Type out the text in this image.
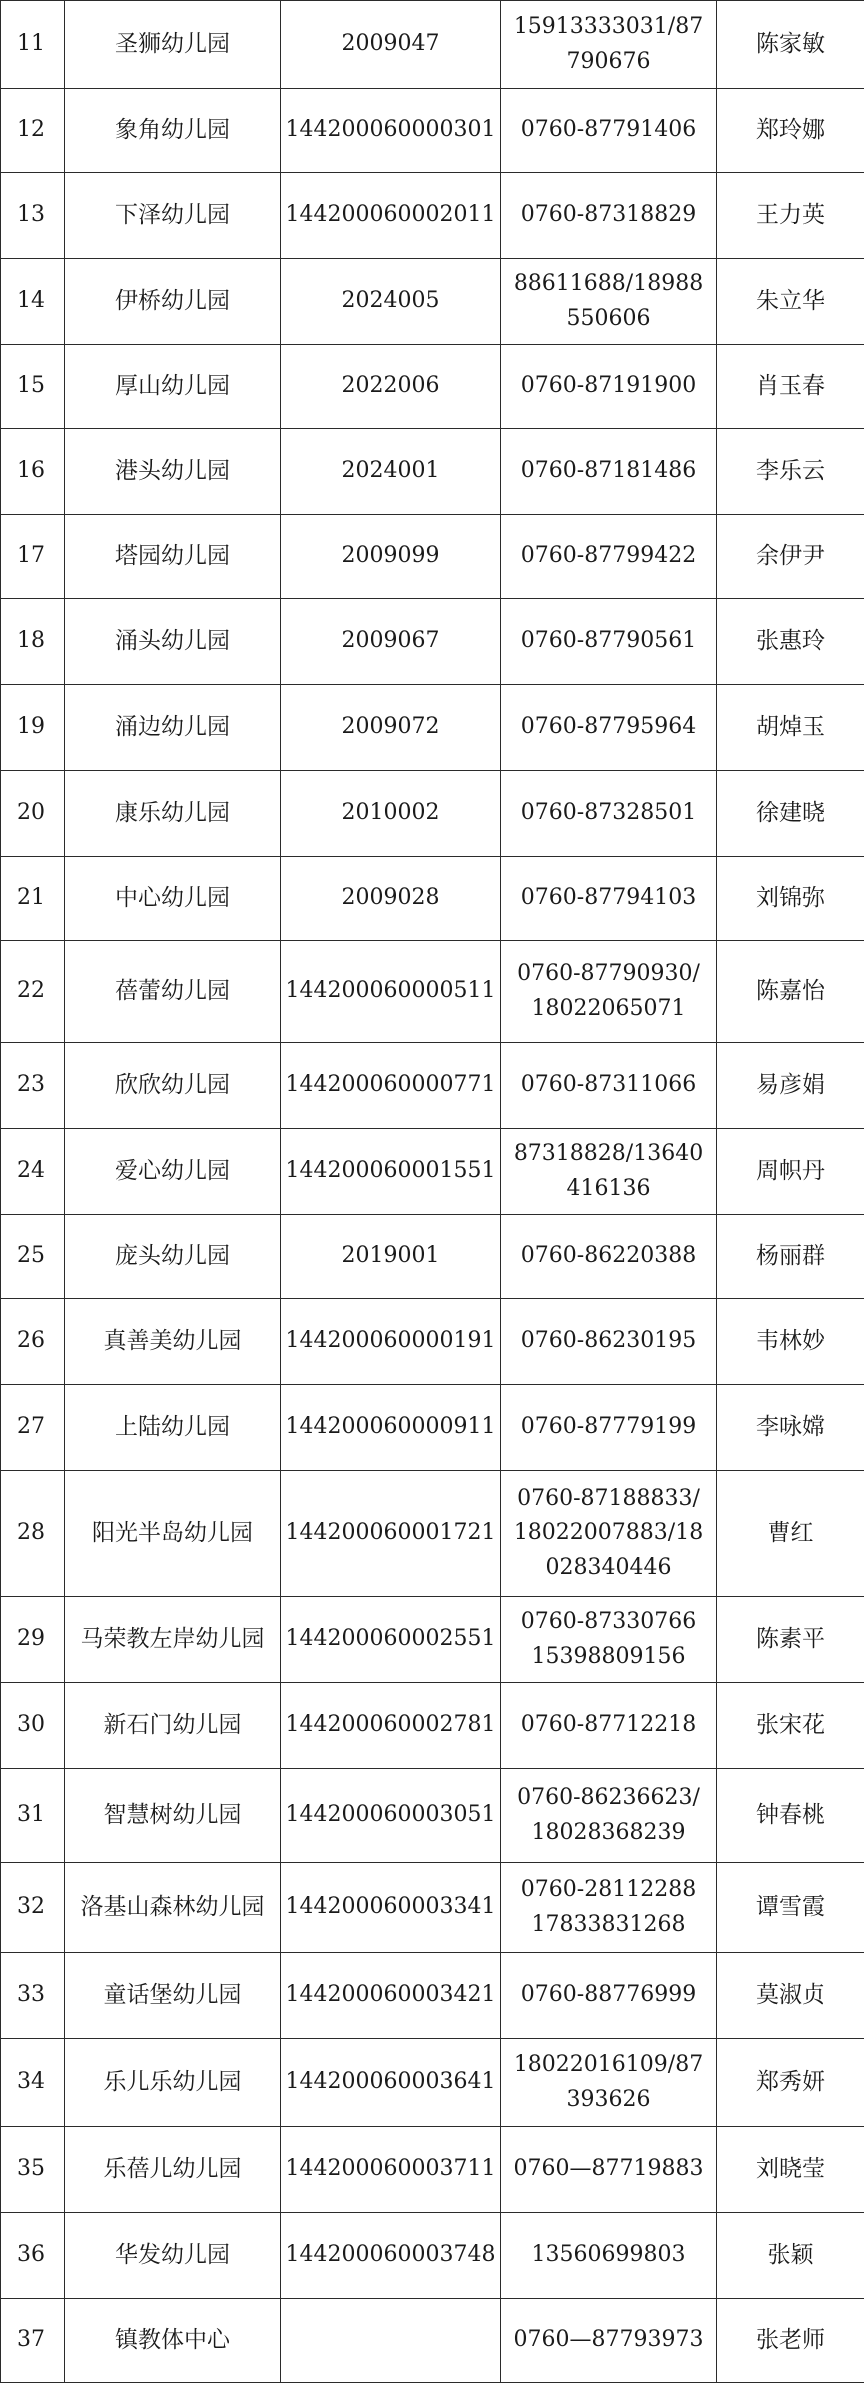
11	圣狮幼儿园	2009047	15913333031/87790676	陈家敏
12	象角幼儿园	144200060000301	0760-87791406	郑玲娜
13	下泽幼儿园	144200060002011	0760-87318829	王力英
14	伊桥幼儿园	2024005	88611688/18988550606	朱立华
15	厚山幼儿园	2022006	0760-87191900	肖玉春
16	港头幼儿园	2024001	0760-87181486	李乐云
17	塔园幼儿园	2009099	0760-87799422	余伊尹
18	涌头幼儿园	2009067	0760-87790561	张惠玲
19	涌边幼儿园	2009072	0760-87795964	胡焯玉
20	康乐幼儿园	2010002	0760-87328501	徐建晓
21	中心幼儿园	2009028	0760-87794103	刘锦弥
22	蓓蕾幼儿园	144200060000511	0760-87790930/18022065071	陈嘉怡
23	欣欣幼儿园	144200060000771	0760-87311066	易彦娟
24	爱心幼儿园	144200060001551	87318828/13640416136	周帜丹
25	庞头幼儿园	2019001	0760-86220388	杨丽群
26	真善美幼儿园	144200060000191	0760-86230195	韦林妙
27	上陆幼儿园	144200060000911	0760-87779199	李咏嫦
28	阳光半岛幼儿园	144200060001721	0760-87188833/18022007883/18028340446	曹红
29	马荣教左岸幼儿园	144200060002551	0760-87330766 15398809156	陈素平
30	新石门幼儿园	144200060002781	0760-87712218	张宋花
31	智慧树幼儿园	144200060003051	0760-86236623/18028368239	钟春桃
32	洛基山森林幼儿园	144200060003341	0760-28112288 17833831268	谭雪霞
33	童话堡幼儿园	144200060003421	0760-88776999	莫淑贞
34	乐儿乐幼儿园	144200060003641	18022016109/87393626	郑秀妍
35	乐蓓儿幼儿园	144200060003711	0760—87719883	刘晓莹
36	华发幼儿园	144200060003748	13560699803	张颖
37	镇教体中心		0760—87793973	张老师
